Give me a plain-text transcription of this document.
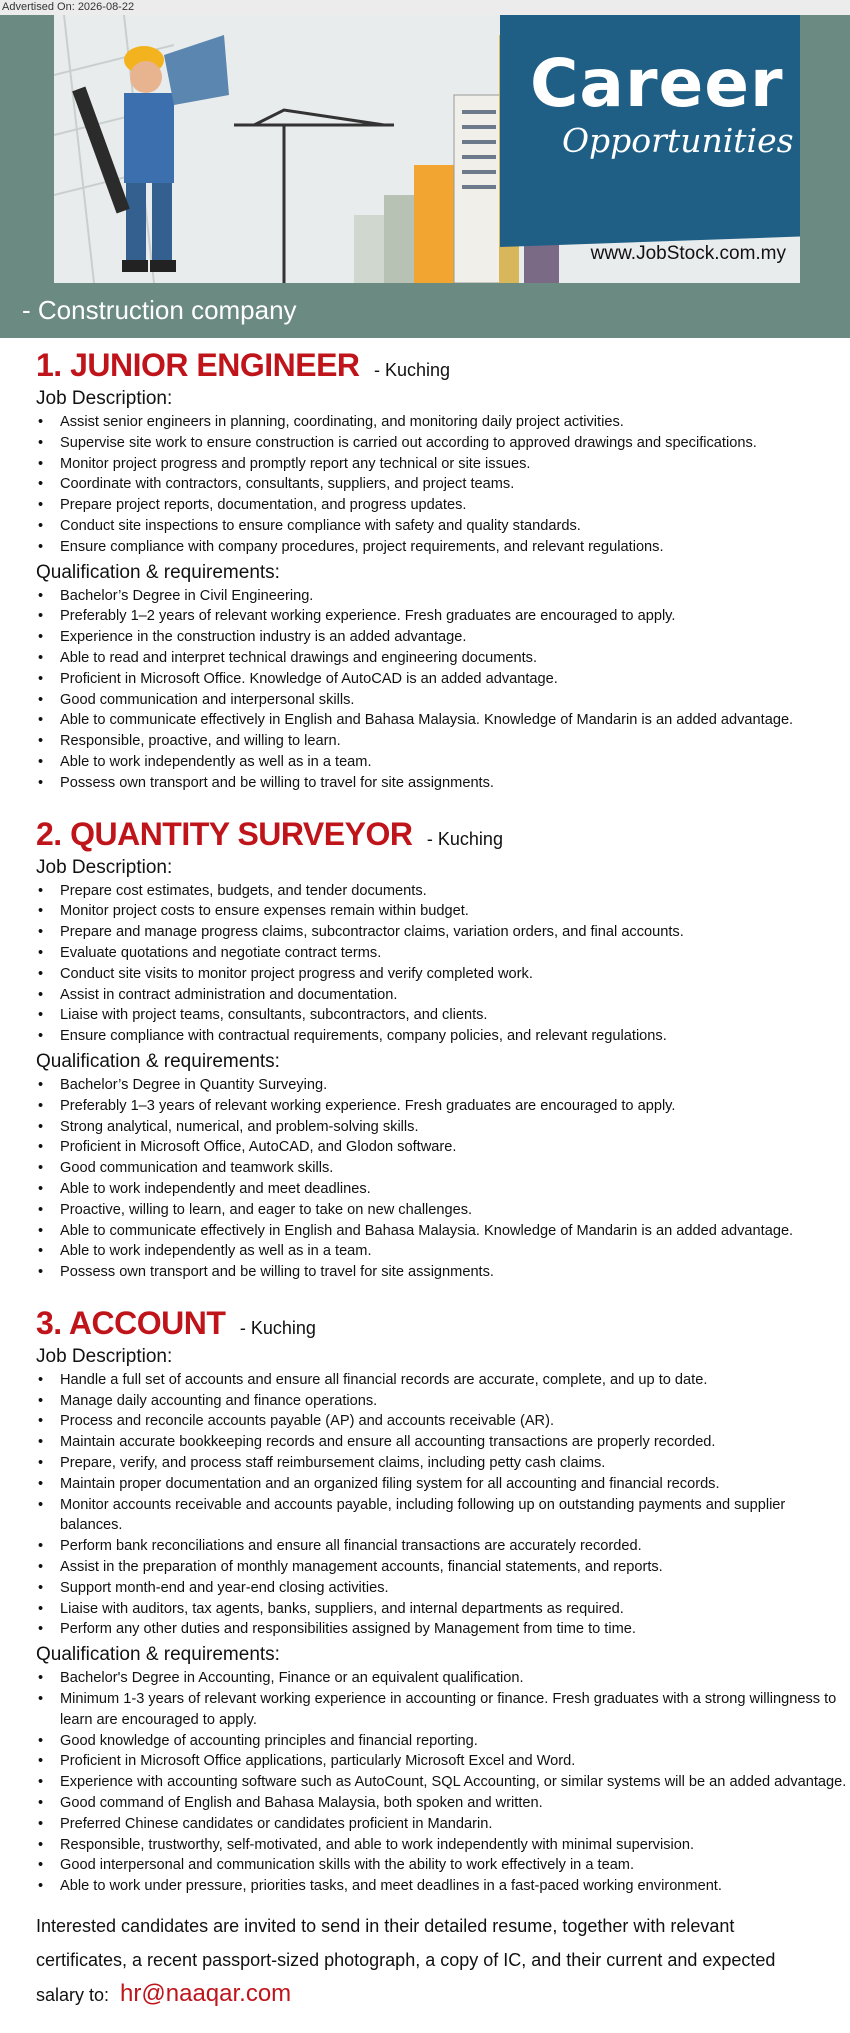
Advertised On: 2026-08-22
Career
Opportunities
www.JobStock.com.my
- Construction company
1. JUNIOR ENGINEER - Kuching
Job Description:
• Assist senior engineers in planning, coordinating, and monitoring daily project activities.
• Supervise site work to ensure construction is carried out according to approved drawings and specifications.
• Monitor project progress and promptly report any technical or site issues.
• Coordinate with contractors, consultants, suppliers, and project teams.
• Prepare project reports, documentation, and progress updates.
• Conduct site inspections to ensure compliance with safety and quality standards.
• Ensure compliance with company procedures, project requirements, and relevant regulations.
Qualification & requirements:
• Bachelor’s Degree in Civil Engineering.
• Preferably 1–2 years of relevant working experience. Fresh graduates are encouraged to apply.
• Experience in the construction industry is an added advantage.
• Able to read and interpret technical drawings and engineering documents.
• Proficient in Microsoft Office. Knowledge of AutoCAD is an added advantage.
• Good communication and interpersonal skills.
• Able to communicate effectively in English and Bahasa Malaysia. Knowledge of Mandarin is an added advantage.
• Responsible, proactive, and willing to learn.
• Able to work independently as well as in a team.
• Possess own transport and be willing to travel for site assignments.
2. QUANTITY SURVEYOR - Kuching
Job Description:
• Prepare cost estimates, budgets, and tender documents.
• Monitor project costs to ensure expenses remain within budget.
• Prepare and manage progress claims, subcontractor claims, variation orders, and final accounts.
• Evaluate quotations and negotiate contract terms.
• Conduct site visits to monitor project progress and verify completed work.
• Assist in contract administration and documentation.
• Liaise with project teams, consultants, subcontractors, and clients.
• Ensure compliance with contractual requirements, company policies, and relevant regulations.
Qualification & requirements:
• Bachelor’s Degree in Quantity Surveying.
• Preferably 1–3 years of relevant working experience. Fresh graduates are encouraged to apply.
• Strong analytical, numerical, and problem-solving skills.
• Proficient in Microsoft Office, AutoCAD, and Glodon software.
• Good communication and teamwork skills.
• Able to work independently and meet deadlines.
• Proactive, willing to learn, and eager to take on new challenges.
• Able to communicate effectively in English and Bahasa Malaysia. Knowledge of Mandarin is an added advantage.
• Able to work independently as well as in a team.
• Possess own transport and be willing to travel for site assignments.
3. ACCOUNT - Kuching
Job Description:
• Handle a full set of accounts and ensure all financial records are accurate, complete, and up to date.
• Manage daily accounting and finance operations.
• Process and reconcile accounts payable (AP) and accounts receivable (AR).
• Maintain accurate bookkeeping records and ensure all accounting transactions are properly recorded.
• Prepare, verify, and process staff reimbursement claims, including petty cash claims.
• Maintain proper documentation and an organized filing system for all accounting and financial records.
• Monitor accounts receivable and accounts payable, including following up on outstanding payments and supplier balances.
• Perform bank reconciliations and ensure all financial transactions are accurately recorded.
• Assist in the preparation of monthly management accounts, financial statements, and reports.
• Support month-end and year-end closing activities.
• Liaise with auditors, tax agents, banks, suppliers, and internal departments as required.
• Perform any other duties and responsibilities assigned by Management from time to time.
Qualification & requirements:
• Bachelor's Degree in Accounting, Finance or an equivalent qualification.
• Minimum 1-3 years of relevant working experience in accounting or finance. Fresh graduates with a strong willingness to learn are encouraged to apply.
• Good knowledge of accounting principles and financial reporting.
• Proficient in Microsoft Office applications, particularly Microsoft Excel and Word.
• Experience with accounting software such as AutoCount, SQL Accounting, or similar systems will be an added advantage.
• Good command of English and Bahasa Malaysia, both spoken and written.
• Preferred Chinese candidates or candidates proficient in Mandarin.
• Responsible, trustworthy, self-motivated, and able to work independently with minimal supervision.
• Good interpersonal and communication skills with the ability to work effectively in a team.
• Able to work under pressure, priorities tasks, and meet deadlines in a fast-paced working environment.
Interested candidates are invited to send in their detailed resume, together with relevant certificates, a recent passport-sized photograph, a copy of IC, and their current and expected salary to: hr@naaqar.com
